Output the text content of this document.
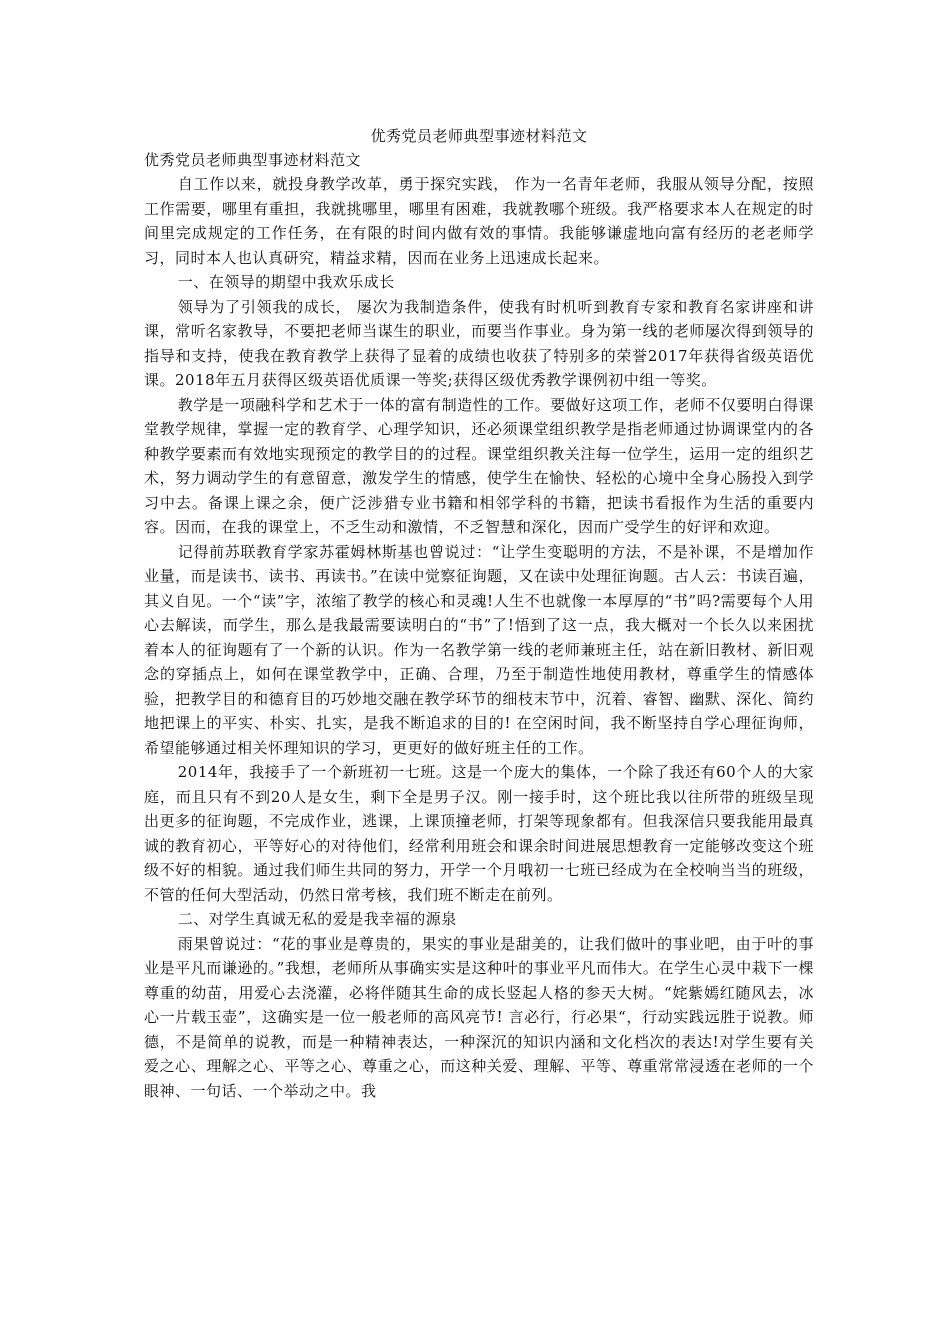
优秀党员老师典型事迹材料范文
优秀党员老师典型事迹材料范文

自工作以来，就投身教学改革，勇于探究实践， 作为一名青年老师，我服从领导分配，按照工作需要，哪里有重担，我就挑哪里，哪里有困难，我就教哪个班级。我严格要求本人在规定的时间里完成规定的工作任务，在有限的时间内做有效的事情。我能够谦虚地向富有经历的老老师学习，同时本人也认真研究，精益求精，因而在业务上迅速成长起来。

一、在领导的期望中我欢乐成长

领导为了引领我的成长， 屡次为我制造条件，使我有时机听到教育专家和教育名家讲座和讲课，常听名家教导，不要把老师当谋生的职业，而要当作事业。身为第一线的老师屡次得到领导的指导和支持，使我在教育教学上获得了显着的成绩也收获了特别多的荣誉2017年获得省级英语优课。2018年五月获得区级英语优质课一等奖;获得区级优秀教学课例初中组一等奖。

教学是一项融科学和艺术于一体的富有制造性的工作。要做好这项工作，老师不仅要明白得课堂教学规律，掌握一定的教育学、心理学知识，还必须课堂组织教学是指老师通过协调课堂内的各种教学要素而有效地实现预定的教学目的的过程。课堂组织教关注每一位学生，运用一定的组织艺术，努力调动学生的有意留意，激发学生的情感，使学生在愉快、轻松的心境中全身心肠投入到学习中去。备课上课之余，便广泛涉猎专业书籍和相邻学科的书籍，把读书看报作为生活的重要内容。因而，在我的课堂上，不乏生动和激情，不乏智慧和深化，因而广受学生的好评和欢迎。

记得前苏联教育学家苏霍姆林斯基也曾说过：“让学生变聪明的方法，不是补课，不是增加作业量，而是读书、读书、再读书。”在读中觉察征询题，又在读中处理征询题。古人云：书读百遍，其义自见。一个“读”字，浓缩了教学的核心和灵魂!人生不也就像一本厚厚的“书”吗?需要每个人用心去解读，而学生，那么是我最需要读明白的“书”了!悟到了这一点，我大概对一个长久以来困扰着本人的征询题有了一个新的认识。作为一名教学第一线的老师兼班主任，站在新旧教材、新旧观念的穿插点上，如何在课堂教学中，正确、合理，乃至于制造性地使用教材，尊重学生的情感体验，把教学目的和德育目的巧妙地交融在教学环节的细枝末节中，沉着、睿智、幽默、深化、简约地把课上的平实、朴实、扎实，是我不断追求的目的! 在空闲时间，我不断坚持自学心理征询师，希望能够通过相关怀理知识的学习，更更好的做好班主任的工作。

2014年，我接手了一个新班初一七班。这是一个庞大的集体，一个除了我还有60个人的大家庭，而且只有不到20人是女生，剩下全是男子汉。刚一接手时，这个班比我以往所带的班级呈现出更多的征询题，不完成作业，逃课，上课顶撞老师，打架等现象都有。但我深信只要我能用最真诚的教育初心，平等好心的对待他们，经常利用班会和课余时间进展思想教育一定能够改变这个班级不好的相貌。通过我们师生共同的努力，开学一个月哦初一七班已经成为在全校响当当的班级，不管的任何大型活动，仍然日常考核，我们班不断走在前列。

二、对学生真诚无私的爱是我幸福的源泉

雨果曾说过：“花的事业是尊贵的，果实的事业是甜美的，让我们做叶的事业吧，由于叶的事业是平凡而谦逊的。”我想，老师所从事确实实是这种叶的事业平凡而伟大。在学生心灵中栽下一棵尊重的幼苗，用爱心去浇灌，必将伴随其生命的成长竖起人格的参天大树。“姹紫嫣红随风去，冰心一片载玉壶”，这确实是一位一般老师的高风亮节! 言必行，行必果“，行动实践远胜于说教。师德，不是简单的说教，而是一种精神表达，一种深沉的知识内涵和文化档次的表达!对学生要有关爱之心、理解之心、平等之心、尊重之心，而这种关爱、理解、平等、尊重常常浸透在老师的一个眼神、一句话、一个举动之中。我
